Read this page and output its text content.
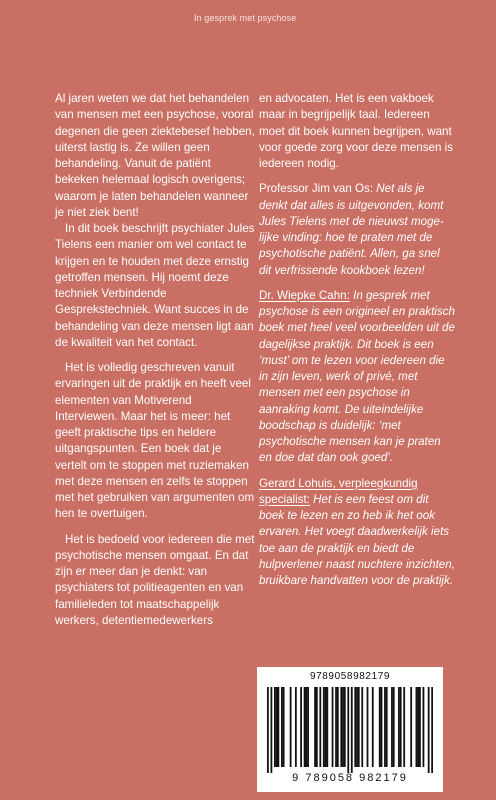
In gesprek met psychose

Al jaren weten we dat het behandelen van mensen met een psychose, vooral degenen die geen ziektebesef hebben, uiterst lastig is. Ze willen geen behandeling. Vanuit de patiënt bekeken helemaal logisch overigens; waarom je laten behandelen wanneer je niet ziek bent!

In dit boek beschrijft psychiater Jules Tielens een manier om wel contact te krijgen en te houden met deze ernstig getroffen mensen. Hij noemt deze techniek Verbindende Gesprekstechniek. Want succes in de behandeling van deze mensen ligt aan de kwaliteit van het contact.

Het is volledig geschreven vanuit ervaringen uit de praktijk en heeft veel elementen van Motiverend Interviewen. Maar het is meer: het geeft praktische tips en heldere uitgangspunten. Een boek dat je vertelt om te stoppen met ruziemaken met deze mensen en zelfs te stoppen met het gebruiken van argumenten om hen te overtuigen.

Het is bedoeld voor iedereen die met psychotische mensen omgaat. En dat zijn er meer dan je denkt: van psychiaters tot politieagenten en van familieleden tot maatschappelijk werkers, detentiemedewerkers

en advocaten. Het is een vakboek maar in begrijpelijk taal. Iedereen moet dit boek kunnen begrijpen, want voor goede zorg voor deze mensen is iedereen nodig.

Professor Jim van Os: Net als je denkt dat alles is uitgevonden, komt Jules Tielens met de nieuwst mogelijke vinding: hoe te praten met de psychotische patiënt. Allen, ga snel dit verfrissende kookboek lezen!

Dr. Wiepke Cahn: In gesprek met psychose is een origineel en praktisch boek met heel veel voorbeelden uit de dagelijkse praktijk. Dit boek is een ‘must’ om te lezen voor iedereen die in zijn leven, werk of privé, met mensen met een psychose in aanraking komt. De uiteindelijke boodschap is duidelijk: ‘met psychotische mensen kan je praten en doe dat dan ook goed’.

Gerard Lohuis, verpleegkundig specialist: Het is een feest om dit boek te lezen en zo heb ik het ook ervaren. Het voegt daadwerkelijk iets toe aan de praktijk en biedt de hulpverlener naast nuchtere inzichten, bruikbare handvatten voor de praktijk.

9789058982179
9 789058 982179
